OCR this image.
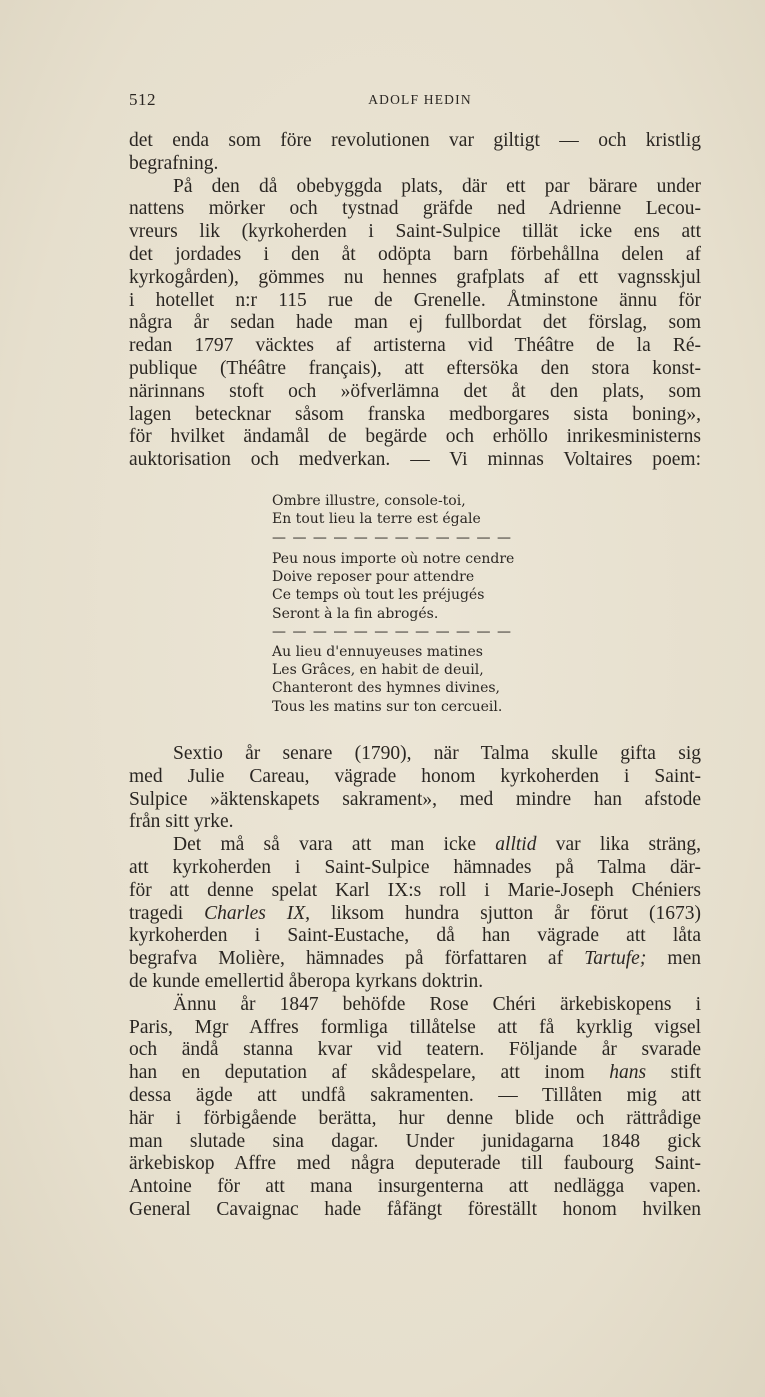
512	ADOLF HEDIN
det enda som före revolutionen var giltigt — och kristlig
begrafning.
På den då obebyggda plats, där ett par bärare under
nattens mörker och tystnad gräfde ned Adrienne Lecou-
vreurs lik (kyrkoherden i Saint-Sulpice tillät icke ens att
det jordades i den åt odöpta barn förbehållna delen af
kyrkogården), gömmes nu hennes grafplats af ett vagnsskjul
i hotellet n:r 115 rue de Grenelle. Åtminstone ännu för
några år sedan hade man ej fullbordat det förslag, som
redan 1797 väcktes af artisterna vid Théâtre de la Ré-
publique (Théâtre français), att eftersöka den stora konst-
närinnans stoft och »öfverlämna det åt den plats, som
lagen betecknar såsom franska medborgares sista boning»,
för hvilket ändamål de begärde och erhöllo inrikesministerns
auktorisation och medverkan. — Vi minnas Voltaires poem:
Ombre illustre, console-toi,
En tout lieu la terre est égale
— — — — — — — — — — — —
Peu nous importe où notre cendre
Doive reposer pour attendre
Ce temps où tout les préjugés
Seront à la fin abrogés.
— — — — — — — — — — — —
Au lieu d'ennuyeuses matines
Les Grâces, en habit de deuil,
Chanteront des hymnes divines,
Tous les matins sur ton cercueil.
Sextio år senare (1790), när Talma skulle gifta sig
med Julie Careau, vägrade honom kyrkoherden i Saint-
Sulpice »äktenskapets sakrament», med mindre han afstode
från sitt yrke.
Det må så vara att man icke alltid var lika sträng,
att kyrkoherden i Saint-Sulpice hämnades på Talma där-
för att denne spelat Karl IX:s roll i Marie-Joseph Chéniers
tragedi Charles IX, liksom hundra sjutton år förut (1673)
kyrkoherden i Saint-Eustache, då han vägrade att låta
begrafva Molière, hämnades på författaren af Tartufe; men
de kunde emellertid åberopa kyrkans doktrin.
Ännu år 1847 behöfde Rose Chéri ärkebiskopens i
Paris, Mgr Affres formliga tillåtelse att få kyrklig vigsel
och ändå stanna kvar vid teatern. Följande år svarade
han en deputation af skådespelare, att inom hans stift
dessa ägde att undfå sakramenten. — Tillåten mig att
här i förbigående berätta, hur denne blide och rättrådige
man slutade sina dagar. Under junidagarna 1848 gick
ärkebiskop Affre med några deputerade till faubourg Saint-
Antoine för att mana insurgenterna att nedlägga vapen.
General Cavaignac hade fåfängt föreställt honom hvilken
